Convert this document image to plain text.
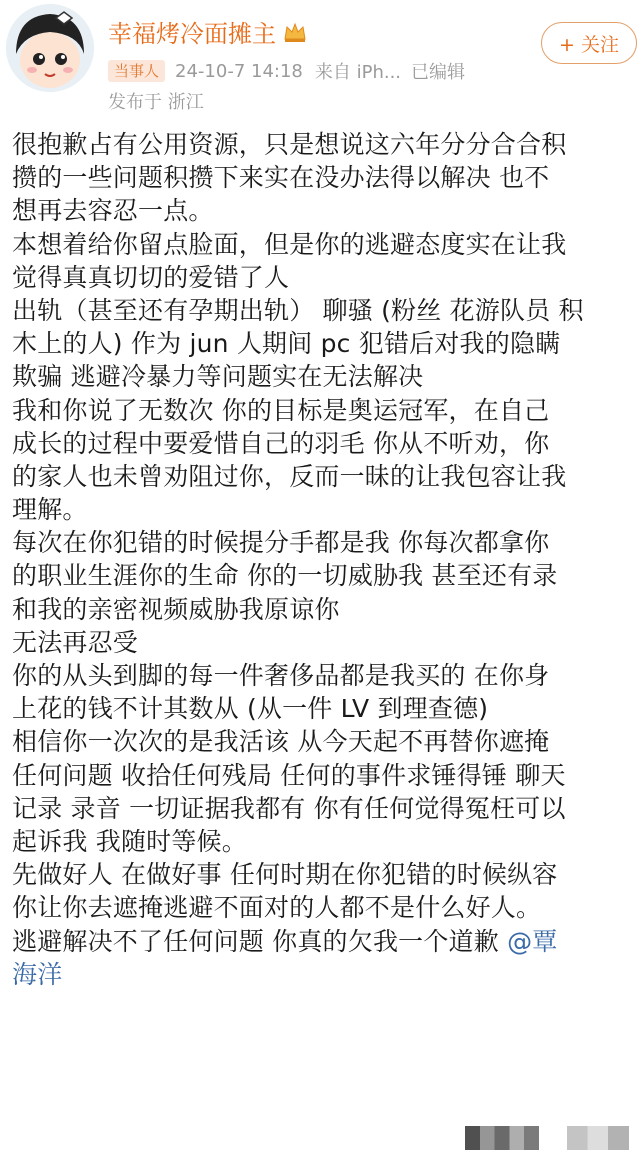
幸福烤冷面摊主
当事人 24-10-7 14:18 来自 iPh... 已编辑
发布于 浙江
+ 关注
很抱歉占有公用资源，只是想说这六年分分合合积
攒的一些问题积攒下来实在没办法得以解决 也不
想再去容忍一点。
本想着给你留点脸面，但是你的逃避态度实在让我
觉得真真切切的爱错了人
出轨（甚至还有孕期出轨） 聊骚 (粉丝 花游队员 积
木上的人) 作为 jun 人期间 pc 犯错后对我的隐瞒
欺骗 逃避冷暴力等问题实在无法解决
我和你说了无数次 你的目标是奥运冠军，在自己
成长的过程中要爱惜自己的羽毛 你从不听劝，你
的家人也未曾劝阻过你，反而一昧的让我包容让我
理解。
每次在你犯错的时候提分手都是我 你每次都拿你
的职业生涯你的生命 你的一切威胁我 甚至还有录
和我的亲密视频威胁我原谅你
无法再忍受
你的从头到脚的每一件奢侈品都是我买的 在你身
上花的钱不计其数从 (从一件 LV 到理查德)
相信你一次次的是我活该 从今天起不再替你遮掩
任何问题 收拾任何残局 任何的事件求锤得锤 聊天
记录 录音 一切证据我都有 你有任何觉得冤枉可以
起诉我 我随时等候。
先做好人 在做好事 任何时期在你犯错的时候纵容
你让你去遮掩逃避不面对的人都不是什么好人。
逃避解决不了任何问题 你真的欠我一个道歉 @覃
海洋
